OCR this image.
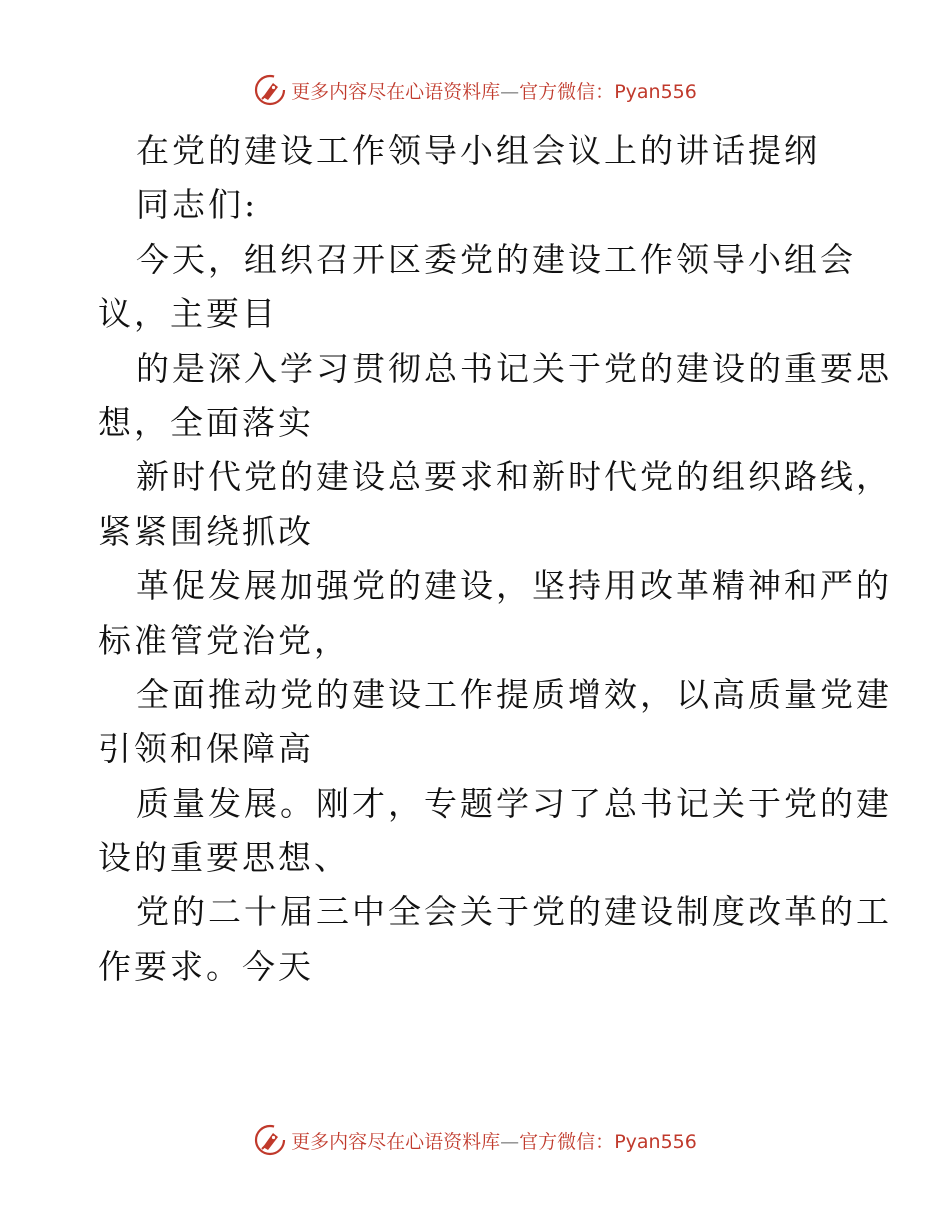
更多内容尽在心语资料库—官方微信：Pyan556
在党的建设工作领导小组会议上的讲话提纲
同志们:
今天，组织召开区委党的建设工作领导小组会
议，主要目
的是深入学习贯彻总书记关于党的建设的重要思
想，全面落实
新时代党的建设总要求和新时代党的组织路线，
紧紧围绕抓改
革促发展加强党的建设，坚持用改革精神和严的
标准管党治党，
全面推动党的建设工作提质增效，以高质量党建
引领和保障高
质量发展。刚才，专题学习了总书记关于党的建
设的重要思想、
党的二十届三中全会关于党的建设制度改革的工
作要求。今天
更多内容尽在心语资料库—官方微信：Pyan556
